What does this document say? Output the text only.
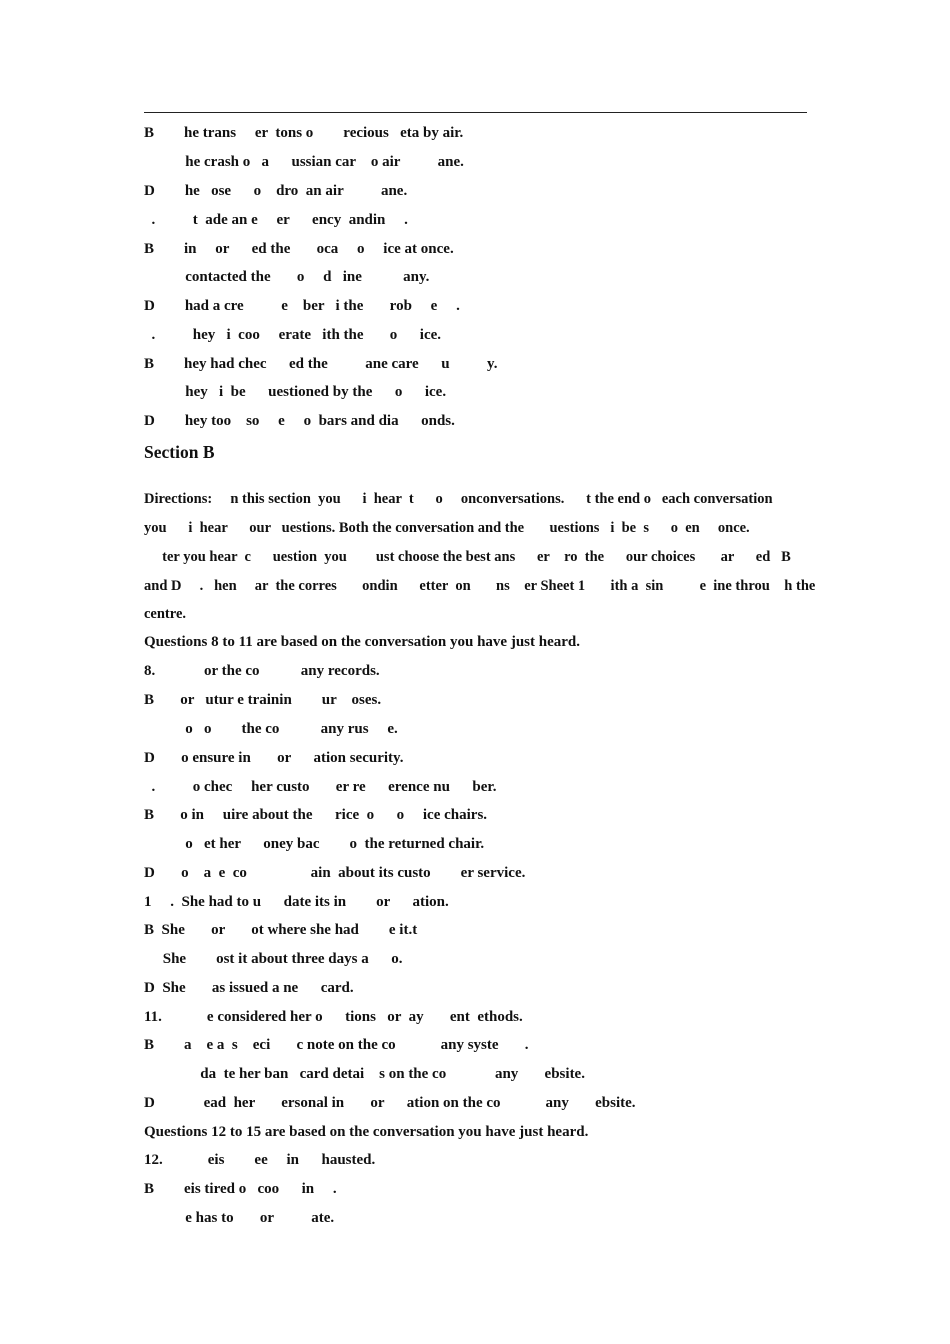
B        he trans     er  tons o        recious   eta by air.
he crash o   a      ussian car    o air          ane.
D        he   ose      o    dro  an air          ane.
.          t  ade an e     er      ency  andin     .
B        in     or      ed the       oca     o     ice at once.
contacted the       o     d   ine           any.
D        had a cre          e    ber   i the       rob     e     .
.          hey   i  coo     erate   ith the       o      ice.
B        hey had chec      ed the          ane care      u          y.
hey   i  be      uestioned by the      o      ice.
D        hey too    so     e     o  bars and dia      onds.
Section B
Directions:     n this section  you      i  hear  t      o     onconversations.      t the end o   each conversation
you      i  hear      our   uestions. Both the conversation and the       uestions   i  be  s      o  en     once.
ter you hear  c      uestion  you        ust choose the best ans      er    ro  the      our choices       ar      ed   B
and D     .   hen     ar  the corres       ondin      etter  on       ns    er Sheet 1       ith a  sin          e  ine throu    h the
centre.
Questions 8 to 11 are based on the conversation you have just heard.
8.             or the co           any records.
B       or   utur e trainin        ur    oses.
o   o        the co           any rus     e.
D       o ensure in       or      ation security.
.          o chec     her custo       er re      erence nu      ber.
B       o in     uire about the      rice  o      o     ice chairs.
o   et her      oney bac        o  the returned chair.
D       o    a  e  co                 ain  about its custo        er service.
1     .  She had to u      date its in        or      ation.
B  She       or       ot where she had        e it.t
She        ost it about three days a      o.
D  She       as issued a ne      card.
11.            e considered her o      tions   or  ay       ent  ethods.
B        a    e a  s    eci       c note on the co            any syste       .
da  te her ban   card detai    s on the co             any       ebsite.
D             ead  her       ersonal in       or      ation on the co            any       ebsite.
Questions 12 to 15 are based on the conversation you have just heard.
12.            eis        ee     in      hausted.
B        eis tired o   coo      in     .
e has to       or          ate.
